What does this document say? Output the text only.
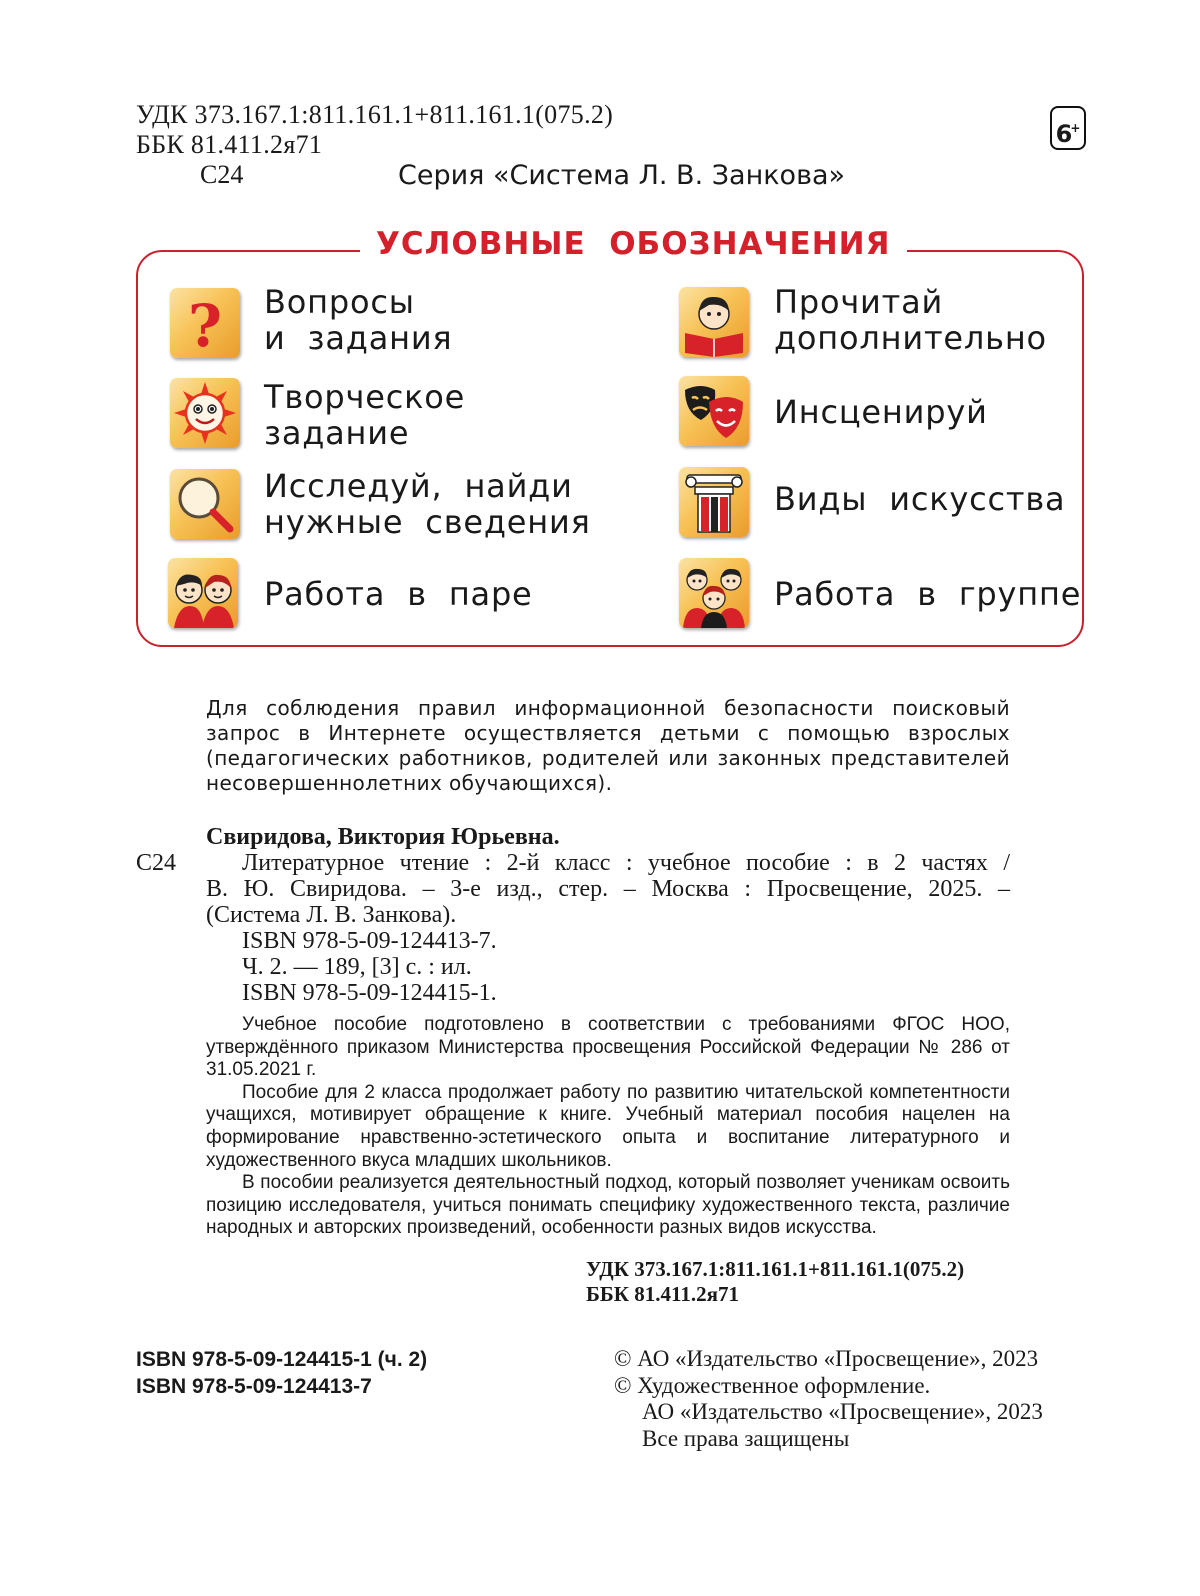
УДК 373.167.1:811.161.1+811.161.1(075.2)
ББК 81.411.2я71
С24	Серия «Система Л. В. Занкова»
6+
УСЛОВНЫЕ  ОБОЗНАЧЕНИЯ
? Вопросы
и  задания
Творческое
задание
Исследуй,  найди
нужные  сведения
Работа  в  паре
Прочитай
дополнительно
Инсценируй
Виды  искусства
Работа  в  группе
Для соблюдения правил информационной безопасности поисковый запрос в Интернете осуществляется детьми с помощью взрослых (педагогических работников, родителей или законных представителей несовершеннолетних обучающихся).
Свиридова, Виктория Юрьевна.
С24	Литературное чтение : 2-й класс : учебное пособие : в 2 частях /
В. Ю. Свиридова. – 3-е изд., стер. – Москва : Просвещение, 2025. –
(Система Л. В. Занкова).
ISBN 978-5-09-124413-7.
Ч. 2. — 189, [3] с. : ил.
ISBN 978-5-09-124415-1.

Учебное пособие подготовлено в соответствии с требованиями ФГОС НОО, утверждённого приказом Министерства просвещения Российской Федерации № 286 от 31.05.2021 г.

Пособие для 2 класса продолжает работу по развитию читательской компетентности учащихся, мотивирует обращение к книге. Учебный материал пособия нацелен на формирование нравственно-эстетического опыта и воспитание литературного и художественного вкуса младших школьников.

В пособии реализуется деятельностный подход, который позволяет ученикам освоить позицию исследователя, учиться понимать специфику художественного текста, различие народных и авторских произведений, особенности разных видов искусства.

УДК 373.167.1:811.161.1+811.161.1(075.2)
ББК 81.411.2я71
ISBN 978-5-09-124415-1 (ч. 2)
ISBN 978-5-09-124413-7
© АО «Издательство «Просвещение», 2023
© Художественное оформление.
АО «Издательство «Просвещение», 2023
Все права защищены
